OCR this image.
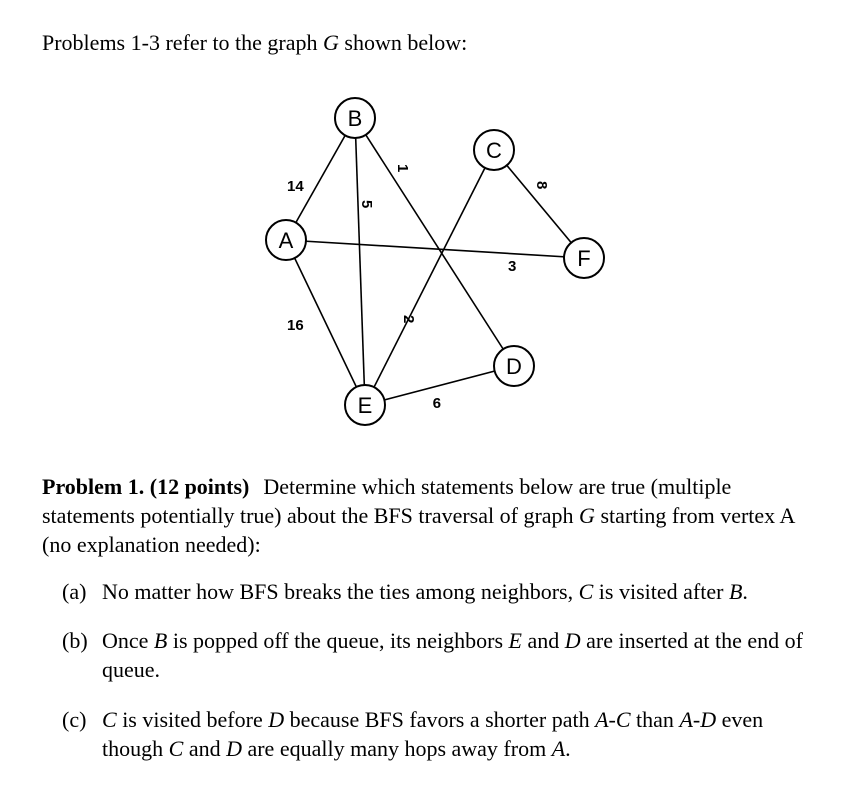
Problems 1-3 refer to the graph G shown below:
14
16
3
5
1
2
8
9
A
B
C
F
D
E
Problem 1. (12 points) Determine which statements below are true (multiple statements potentially true) about the BFS traversal of graph G starting from vertex A (no explanation needed):
(a) No matter how BFS breaks the ties among neighbors, C is visited after B.
(b) Once B is popped off the queue, its neighbors E and D are inserted at the end of queue.
(c) C is visited before D because BFS favors a shorter path A-C than A-D even though C and D are equally many hops away from A.
